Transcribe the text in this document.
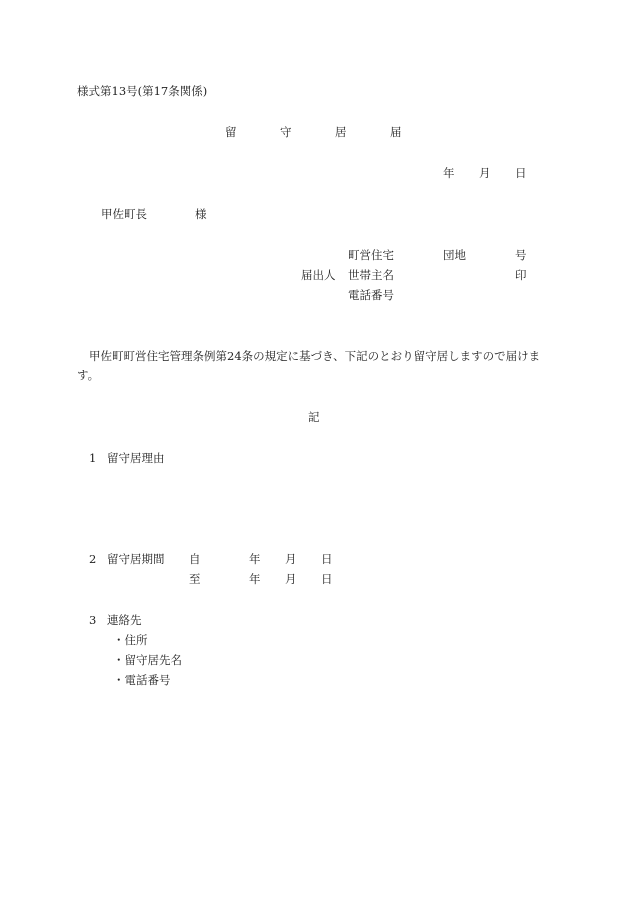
様式第13号(第17条関係)
留	守	居	届
年 月 日
甲佐町長	様
町営住宅	団地	号
届出人 世帯主名	印
電話番号
甲佐町町営住宅管理条例第24条の規定に基づき、下記のとおり留守居しますので届けます。
記
1 留守居理由
2 留守居期間 自	年 月 日
至	年 月 日
3 連絡先
・住所
・留守居先名
・電話番号
